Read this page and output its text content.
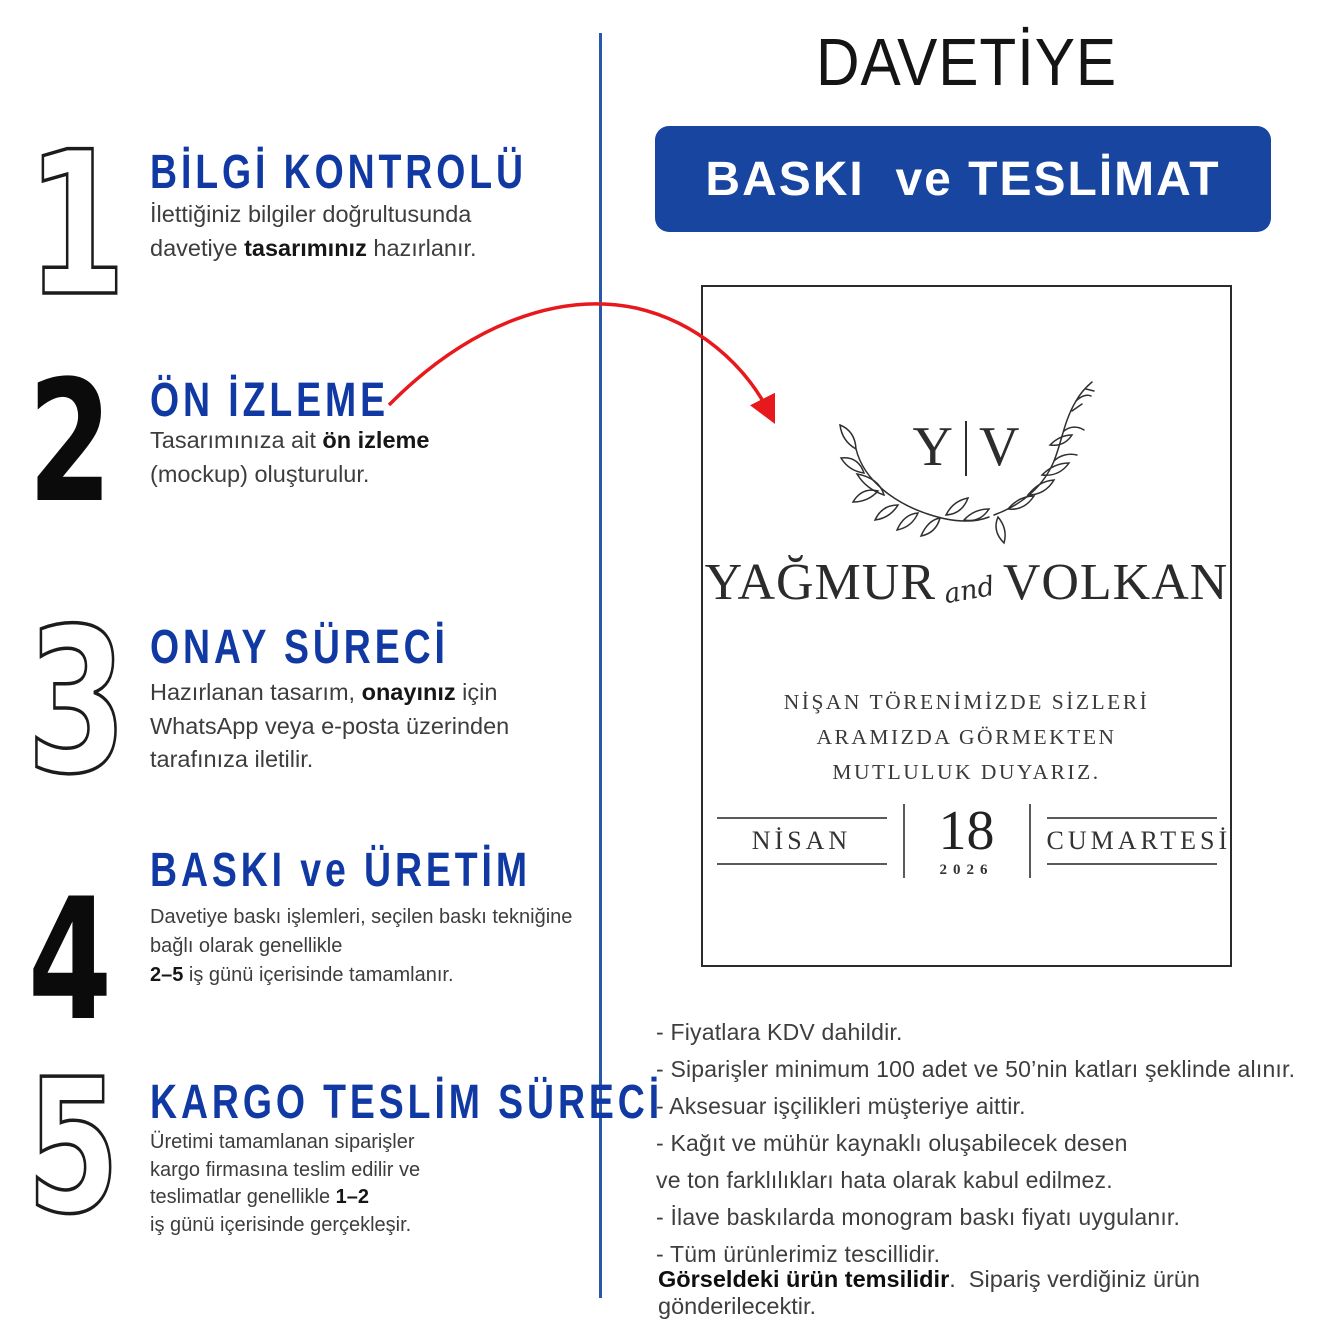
DAVETİYE
BASKI  ve TESLİMAT
1 BİLGİ KONTROLÜ
İlettiğiniz bilgiler doğrultusunda
davetiye tasarımınız hazırlanır.
2 ÖN İZLEME
Tasarımınıza ait ön izleme
(mockup) oluşturulur.
3 ONAY SÜRECİ
Hazırlanan tasarım, onayınız için
WhatsApp veya e-posta üzerinden
tarafınıza iletilir.
4 BASKI ve ÜRETİM
Davetiye baskı işlemleri, seçilen baskı tekniğine
bağlı olarak genellikle
2–5 iş günü içerisinde tamamlanır.
5 KARGO TESLİM SÜRECİ
Üretimi tamamlanan siparişler
kargo firmasına teslim edilir ve
teslimatlar genellikle 1–2
iş günü içerisinde gerçekleşir.
Y V
YAĞMUR and VOLKAN
NİŞAN TÖRENİMİZDE SİZLERİ
ARAMIZDA GÖRMEKTEN
MUTLULUK DUYARIZ.
NİSAN	18
2026
CUMARTESİ
- Fiyatlara KDV dahildir.
- Siparişler minimum 100 adet ve 50’nin katları şeklinde alınır.
- Aksesuar işçilikleri müşteriye aittir.
- Kağıt ve mühür kaynaklı oluşabilecek desen
ve ton farklılıkları hata olarak kabul edilmez.
- İlave baskılarda monogram baskı fiyatı uygulanır.
- Tüm ürünlerimiz tescillidir.
Görseldeki ürün temsilidir.  Sipariş verdiğiniz ürün gönderilecektir.
